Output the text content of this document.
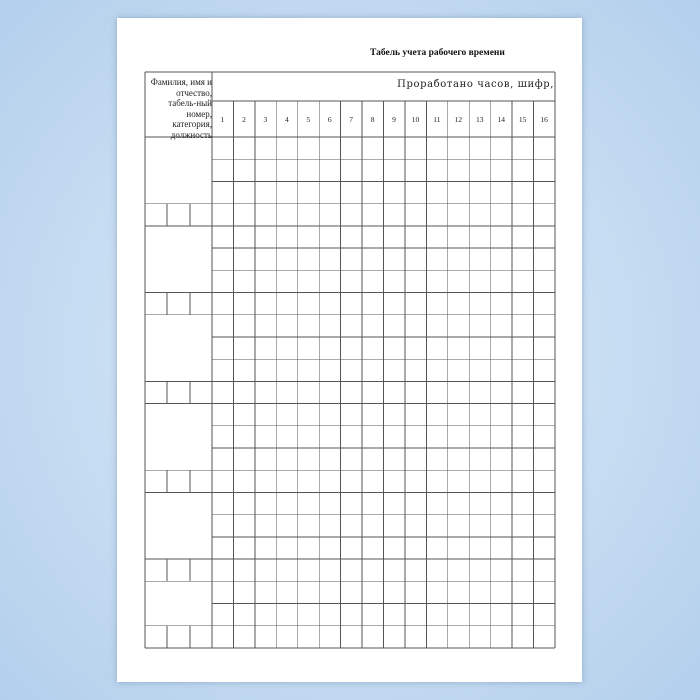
Табель учета рабочего времени
Фамилия, имя и отчество, табель-ный номер, категория, должность
Проработано часов, шифр,
1	2	3	4	5	6	7	8	9	10	11	12	13	14	15	16
